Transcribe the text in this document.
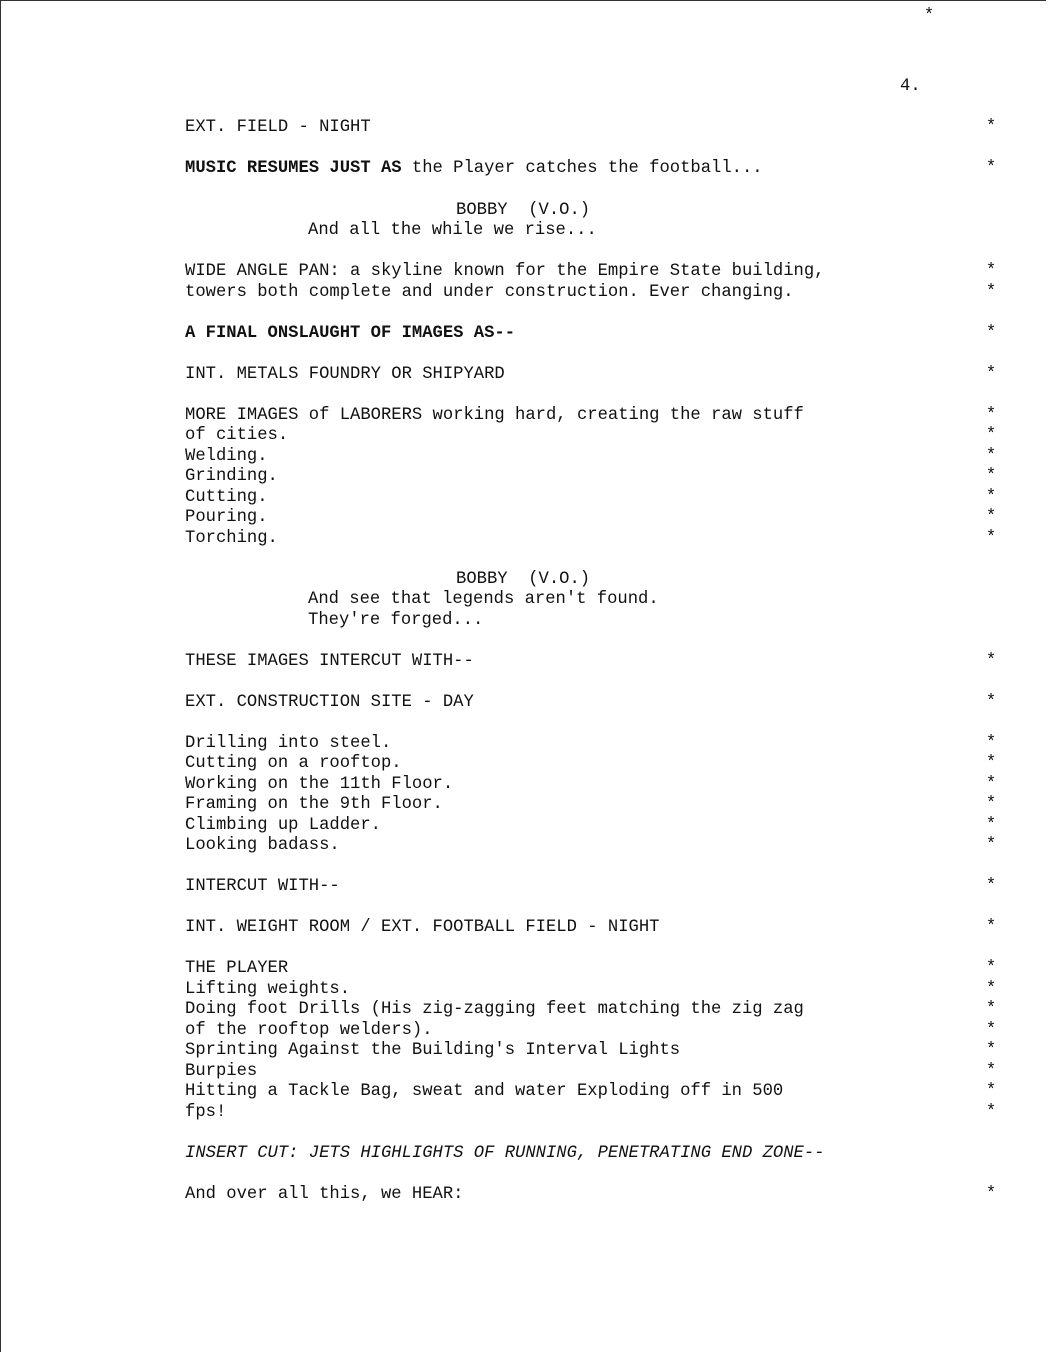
*
4.
EXT. FIELD - NIGHT	*
MUSIC RESUMES JUST AS the Player catches the football...	*
BOBBY  (V.O.)
And all the while we rise...
WIDE ANGLE PAN: a skyline known for the Empire State building,	*
towers both complete and under construction. Ever changing.	*
A FINAL ONSLAUGHT OF IMAGES AS--	*
INT. METALS FOUNDRY OR SHIPYARD	*
MORE IMAGES of LABORERS working hard, creating the raw stuff	*
of cities.	*
Welding.	*
Grinding.	*
Cutting.	*
Pouring.	*
Torching.	*
BOBBY  (V.O.)
And see that legends aren't found.
They're forged...
THESE IMAGES INTERCUT WITH--	*
EXT. CONSTRUCTION SITE - DAY	*
Drilling into steel.	*
Cutting on a rooftop.	*
Working on the 11th Floor.	*
Framing on the 9th Floor.	*
Climbing up Ladder.	*
Looking badass.	*
INTERCUT WITH--	*
INT. WEIGHT ROOM / EXT. FOOTBALL FIELD - NIGHT	*
THE PLAYER	*
Lifting weights.	*
Doing foot Drills (His zig-zagging feet matching the zig zag	*
of the rooftop welders).	*
Sprinting Against the Building's Interval Lights	*
Burpies	*
Hitting a Tackle Bag, sweat and water Exploding off in 500	*
fps!	*
INSERT CUT: JETS HIGHLIGHTS OF RUNNING, PENETRATING END ZONE--
And over all this, we HEAR:	*
